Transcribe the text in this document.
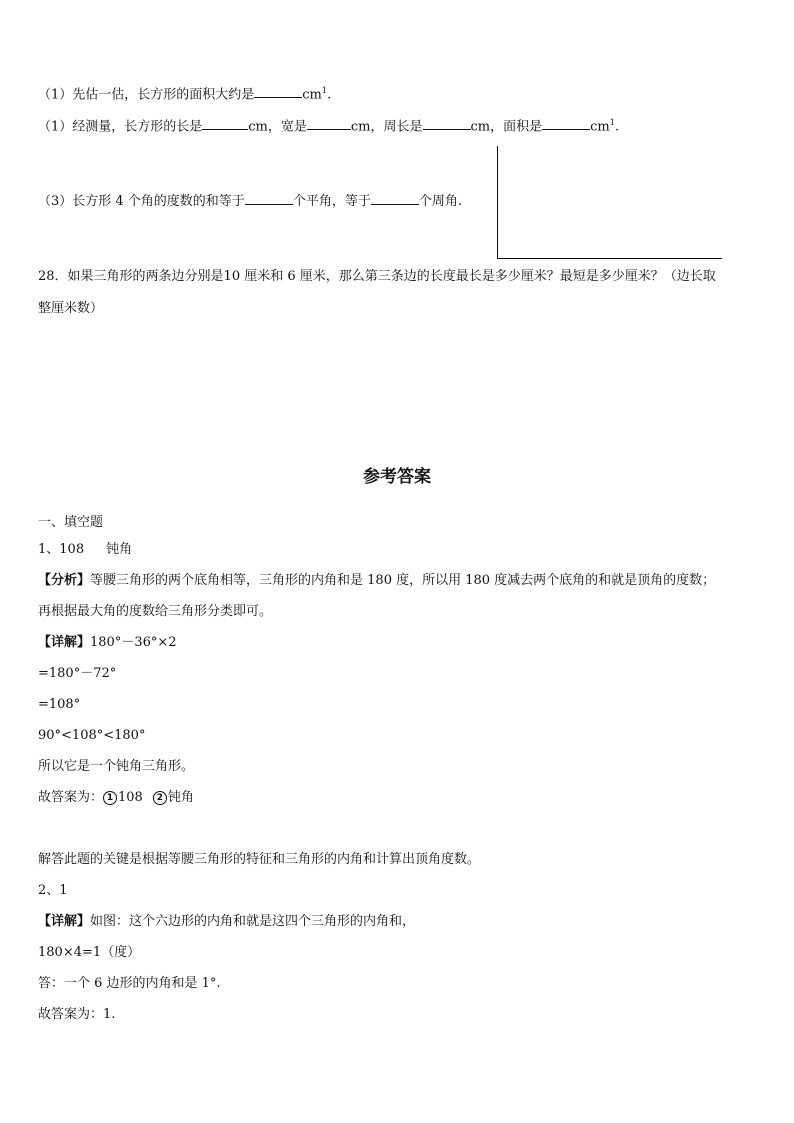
（1）先估一估，长方形的面积大约是	$cm^1$.
（1）经测量，长方形的长是	cm，宽是	cm，周长是	cm，面积是	$cm^1$.
（3）长方形 4 个角的度数的和等于	个平角，等于	个周角.
28．如果三角形的两条边分别是10 厘米和 6 厘米，那么第三条边的长度最长是多少厘米？最短是多少厘米？（边长取
整厘米数）
参考答案
一、填空题
1、108 钝角
【分析】等腰三角形的两个底角相等，三角形的内角和是 180 度，所以用 180 度减去两个底角的和就是顶角的度数；
再根据最大角的度数给三角形分类即可。
【详解】180°－36°×2
=180°－72°
=108°
90°<108°<180°
所以它是一个钝角三角形。
故答案为： 1 108 2 钝角
解答此题的关键是根据等腰三角形的特征和三角形的内角和计算出顶角度数。
2、1
【详解】如图：这个六边形的内角和就是这四个三角形的内角和，
180×4=1（度）
答：一个 6 边形的内角和是 1°.
故答案为：1.
